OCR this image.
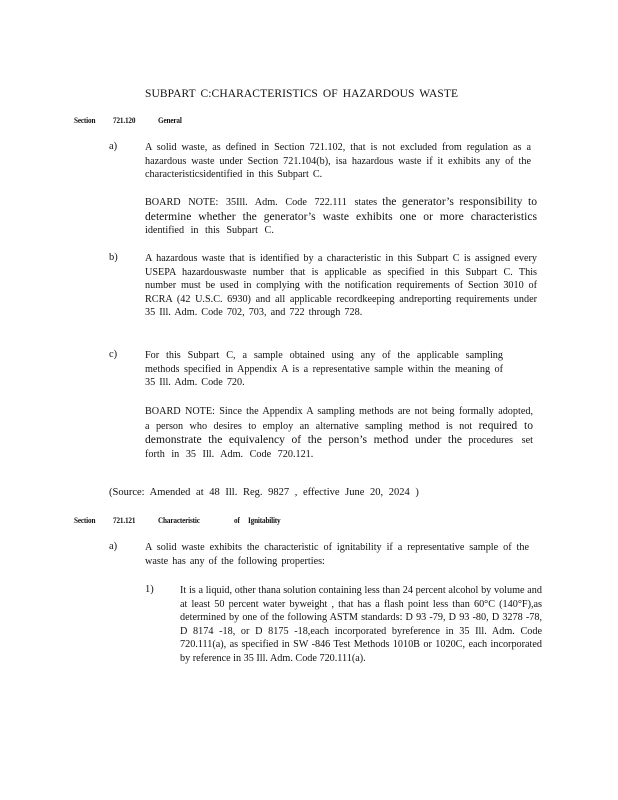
SUBPART C:CHARACTERISTICS OF HAZARDOUS WASTE
Section 721.120	General
a)	A solid waste, as defined in Section 721.102, that is not excluded from regulation as a hazardous waste under Section 721.104(b), isa hazardous waste if it exhibits any of the characteristicsidentified in this Subpart C.

BOARD NOTE: 35Ill. Adm. Code 722.111 states the generator’s responsibility to determine whether the generator’s waste exhibits one or more characteristics identified in this Subpart C.
b)	A hazardous waste that is identified by a characteristic in this Subpart C is assigned every USEPA hazardouswaste number that is applicable as specified in this Subpart C. This number must be used in complying with the notification requirements of Section 3010 of RCRA (42 U.S.C. 6930) and all applicable recordkeeping andreporting requirements under 35 Ill. Adm. Code 702, 703, and 722 through 728.

c)	For this Subpart C, a sample obtained using any of the applicable sampling methods specified in Appendix A is a representative sample within the meaning of 35 Ill. Adm. Code 720.

BOARD NOTE: Since the Appendix A sampling methods are not being formally adopted, a person who desires to employ an alternative sampling method is not required to demonstrate the equivalency of the person’s method under the procedures set forth in 35 Ill. Adm. Code 720.121.
(Source: Amended at 48 Ill. Reg. 9827 , effective June 20, 2024 )
Section 721.121	Characteristic	of Ignitability
a)	A solid waste exhibits the characteristic of ignitability if a representative sample of the waste has any of the following properties:

1)	It is a liquid, other thana solution containing less than 24 percent alcohol by volume and at least 50 percent water byweight , that has a flash point less than 60°C (140°F),as determined by one of the following ASTM standards: D 93 -79, D 93 -80, D 3278 -78, D 8174 -18, or D 8175 -18,each incorporated byreference in 35 Ill. Adm. Code 720.111(a), as specified in SW -846 Test Methods 1010B or 1020C, each incorporated by reference in 35 Ill. Adm. Code 720.111(a).
